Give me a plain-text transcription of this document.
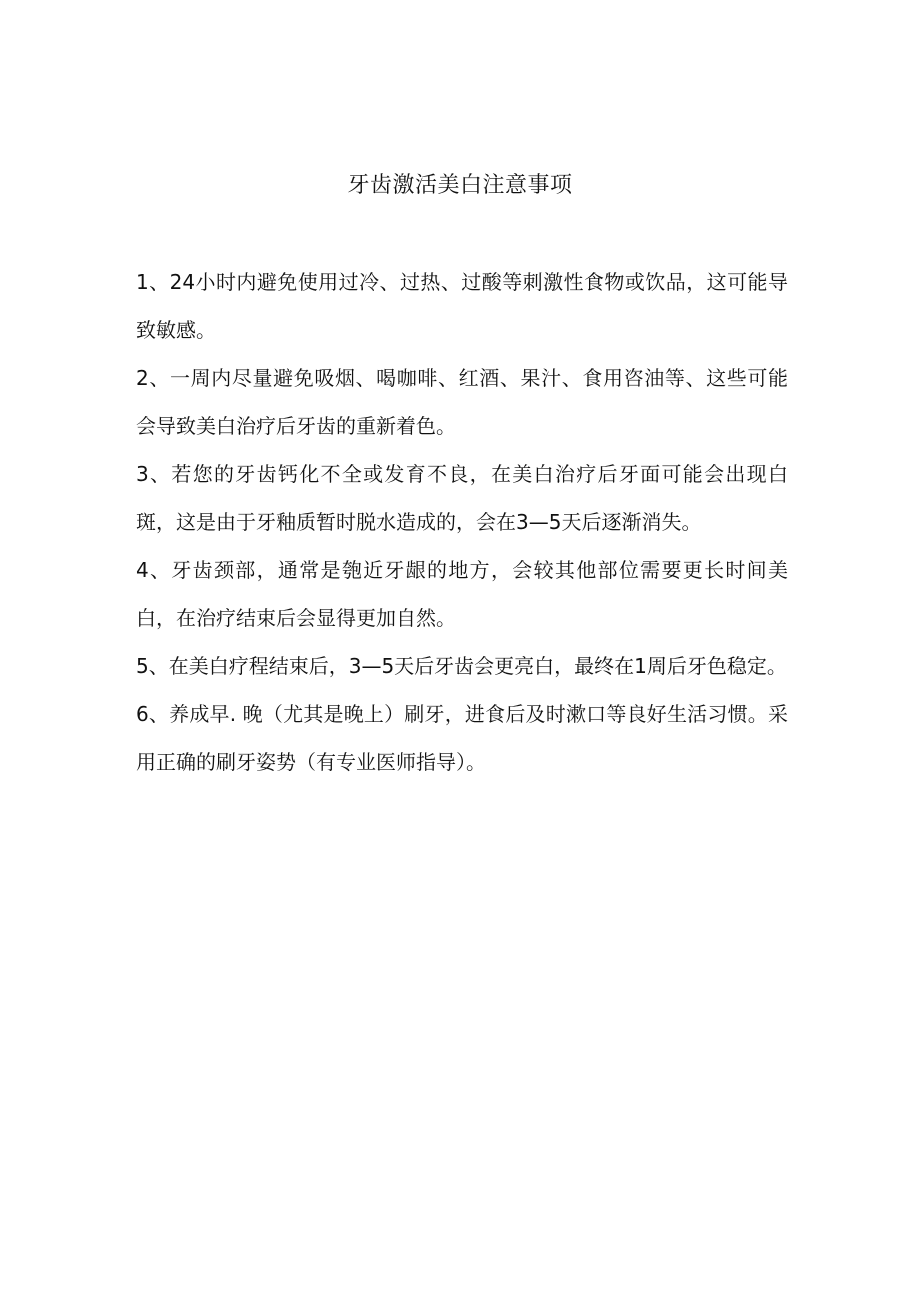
牙齿激活美白注意事项

1、24小时内避免使用过冷、过热、过酸等刺激性食物或饮品，这可能导致敏感。

2、一周内尽量避免吸烟、喝咖啡、红酒、果汁、食用咨油等、这些可能会导致美白治疗后牙齿的重新着色。

3、若您的牙齿钙化不全或发育不良，在美白治疗后牙面可能会出现白斑，这是由于牙釉质暂时脱水造成的，会在3—5天后逐渐消失。

4、牙齿颈部，通常是匏近牙龈的地方，会较其他部位需要更长时间美白，在治疗结束后会显得更加自然。

5、在美白疗程结束后，3—5天后牙齿会更亮白，最终在1周后牙色稳定。

6、养成早. 晚（尤其是晚上）刷牙，进食后及时漱口等良好生活习惯。采用正确的刷牙姿势（有专业医师指导）。
